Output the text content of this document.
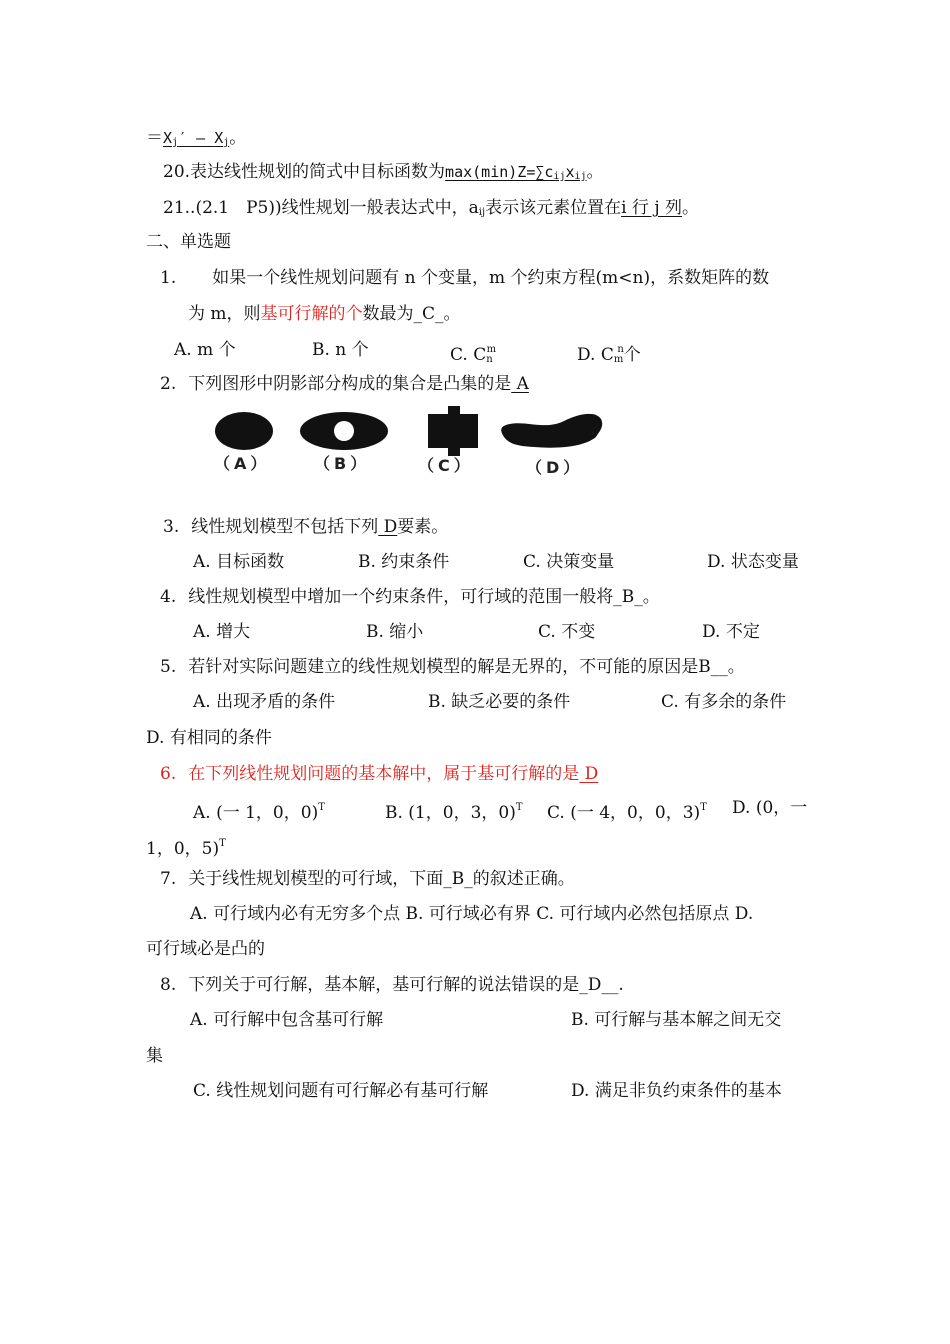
$=X_j'$ — $X_j$。
20.表达线性规划的简式中目标函数为$\max(\min)Z=\sum c_{ij}x_{ij}$。
21..(2.1　P5))线性规划一般表达式中，$a_{ij}$表示该元素位置在i 行 j 列。
二、单选题
1. 如果一个线性规划问题有 n 个变量，m 个约束方程(m<n)，系数矩阵的数
为 m，则基可行解的个数最为_C_。
A. m 个	B. n 个	C. $C_n^m$	D. $C_m^n$个
2. 下列图形中阴影部分构成的集合是凸集的是 A
（A）	（B）	（C）	（D）
3. 线性规划模型不包括下列 D要素。
A. 目标函数	B. 约束条件	C. 决策变量	D. 状态变量
4. 线性规划模型中增加一个约束条件，可行域的范围一般将_B_。
A. 增大	B. 缩小	C. 不变	D. 不定
5. 若针对实际问题建立的线性规划模型的解是无界的，不可能的原因是B__。
A. 出现矛盾的条件	B. 缺乏必要的条件	C. 有多余的条件
D. 有相同的条件
6. 在下列线性规划问题的基本解中，属于基可行解的是 D
A. (一 1，0，0)$^T$	B. (1，0，3，0)$^T$ C. (一 4，0，0，3)$^T$ D. (0，一
1，0，5)$^T$
7. 关于线性规划模型的可行域，下面_B_的叙述正确。
A. 可行域内必有无穷多个点 B. 可行域必有界 C. 可行域内必然包括原点 D.
可行域必是凸的
8. 下列关于可行解，基本解，基可行解的说法错误的是_D__.
A. 可行解中包含基可行解	B. 可行解与基本解之间无交
集
C. 线性规划问题有可行解必有基可行解	D. 满足非负约束条件的基本
